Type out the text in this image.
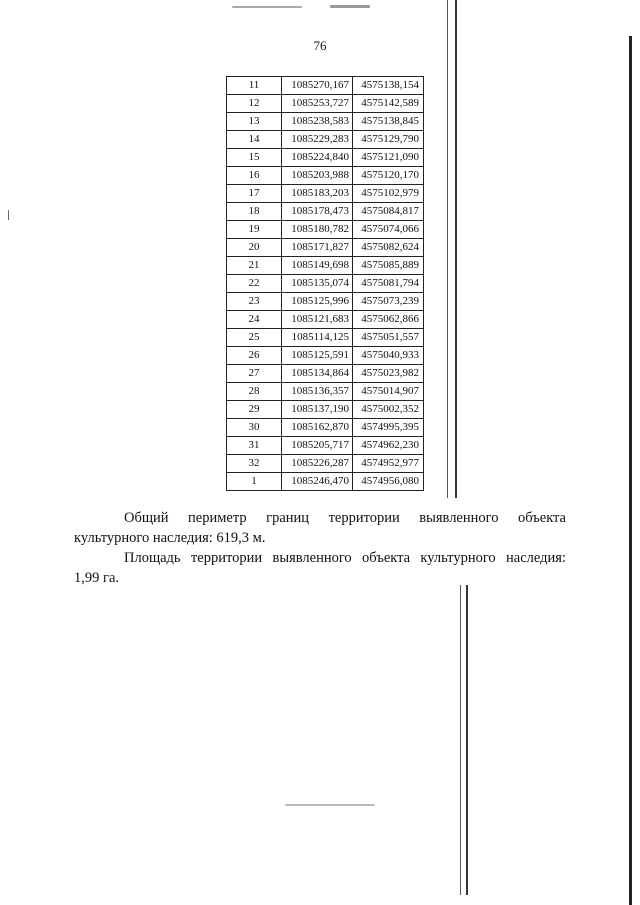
76
11	1085270,167	4575138,154
12	1085253,727	4575142,589
13	1085238,583	4575138,845
14	1085229,283	4575129,790
15	1085224,840	4575121,090
16	1085203,988	4575120,170
17	1085183,203	4575102,979
18	1085178,473	4575084,817
19	1085180,782	4575074,066
20	1085171,827	4575082,624
21	1085149,698	4575085,889
22	1085135,074	4575081,794
23	1085125,996	4575073,239
24	1085121,683	4575062,866
25	1085114,125	4575051,557
26	1085125,591	4575040,933
27	1085134,864	4575023,982
28	1085136,357	4575014,907
29	1085137,190	4575002,352
30	1085162,870	4574995,395
31	1085205,717	4574962,230
32	1085226,287	4574952,977
1	1085246,470	4574956,080
Общий периметр границ территории выявленного объекта
культурного наследия: 619,3 м.
Площадь территории выявленного объекта культурного наследия:
1,99 га.
